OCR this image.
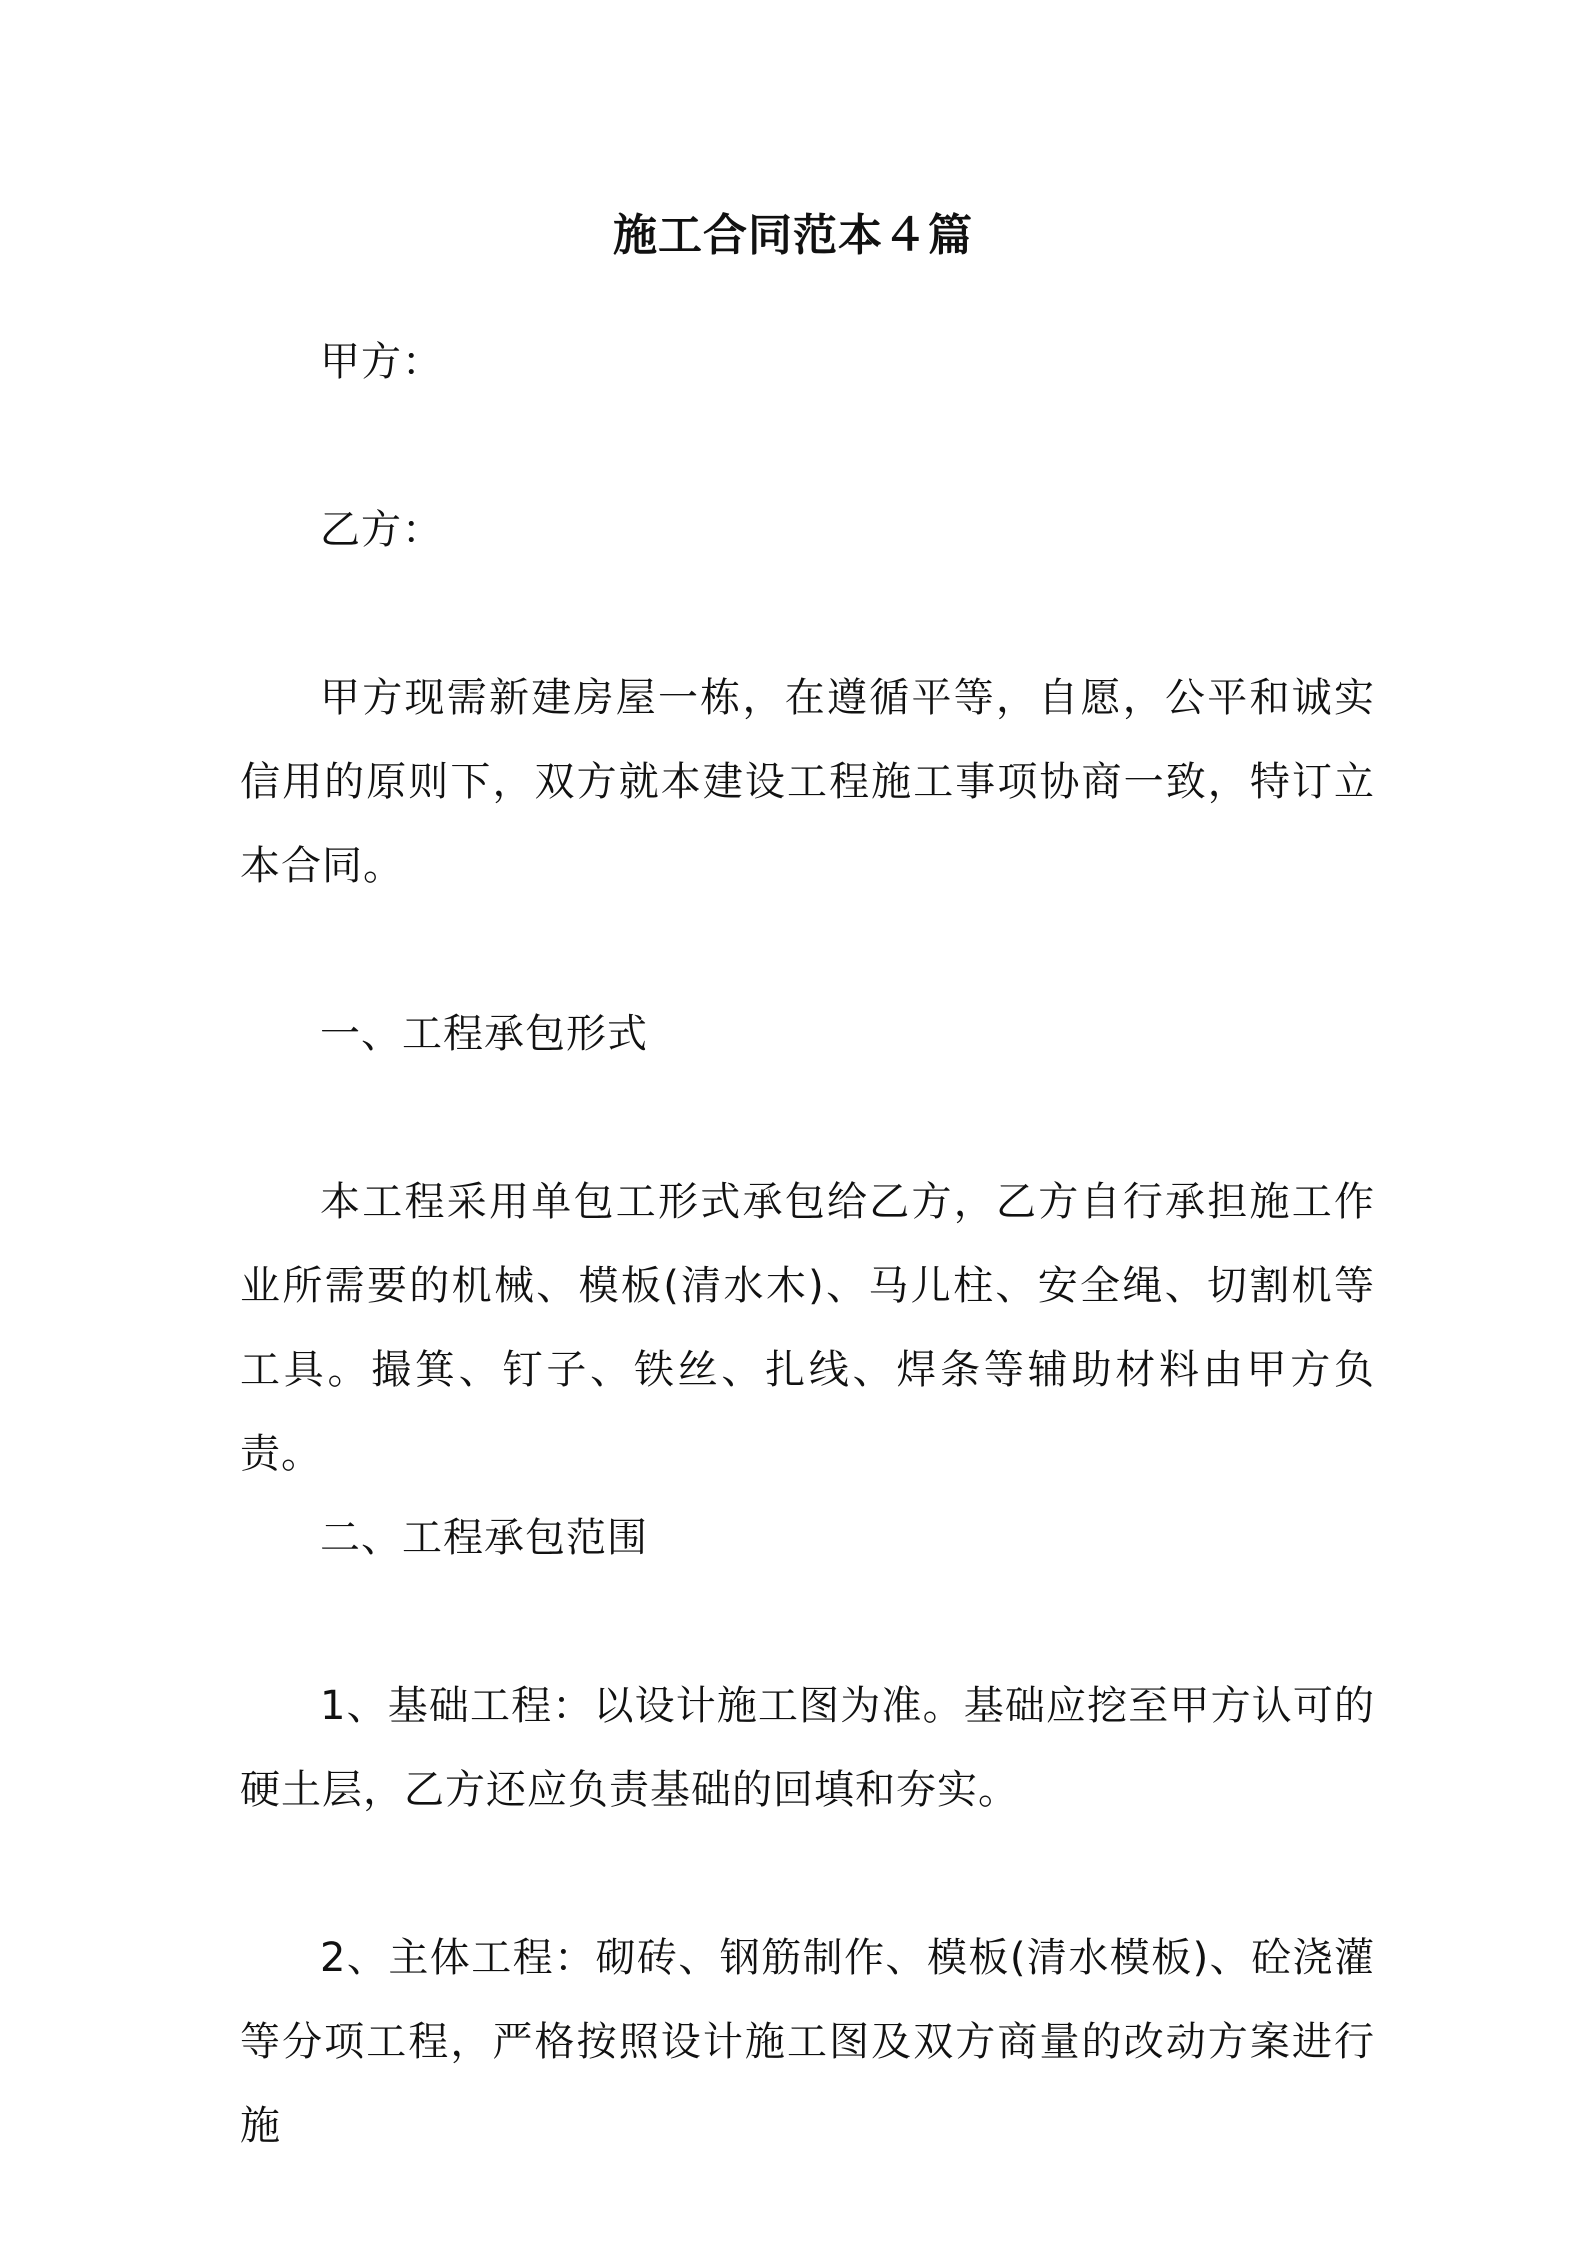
施工合同范本４篇

甲方：

乙方：

甲方现需新建房屋一栋，在遵循平等，自愿，公平和诚实信用的原则下，双方就本建设工程施工事项协商一致，特订立本合同。

一、工程承包形式

本工程采用单包工形式承包给乙方，乙方自行承担施工作业所需要的机械、模板(清水木)、马儿柱、安全绳、切割机等工具。撮箕、钉子、铁丝、扎线、焊条等辅助材料由甲方负责。

二、工程承包范围

1、基础工程：以设计施工图为准。基础应挖至甲方认可的硬土层，乙方还应负责基础的回填和夯实。

2、主体工程：砌砖、钢筋制作、模板(清水模板)、砼浇灌等分项工程，严格按照设计施工图及双方商量的改动方案进行施
